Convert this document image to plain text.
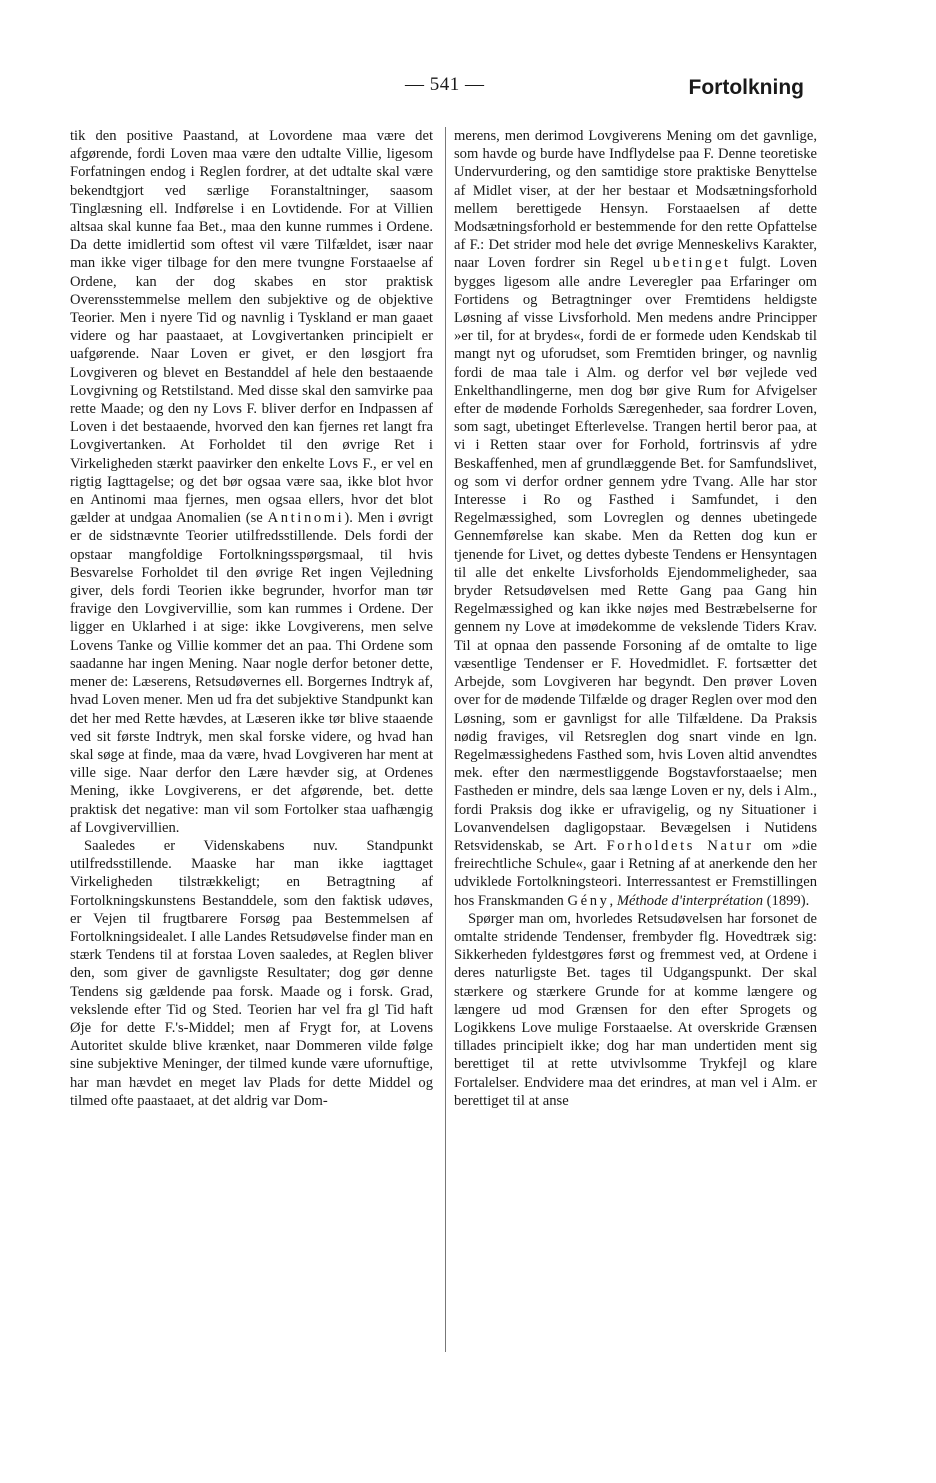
— 541 —	Fortolkning

tik den positive Paastand, at Lovordene maa være det afgørende, fordi Loven maa være den udtalte Villie, ligesom Forfatningen endog i Reglen fordrer, at det udtalte skal være bekendtgjort ved særlige Foranstaltninger, saasom Tinglæsning ell. Indførelse i en Lovtidende. For at Villien altsaa skal kunne faa Bet., maa den kunne rummes i Ordene. Da dette imidlertid som oftest vil være Tilfældet, især naar man ikke viger tilbage for den mere tvungne Forstaaelse af Ordene, kan der dog skabes en stor praktisk Overensstemmelse mellem den subjektive og de objektive Teorier. Men i nyere Tid og navnlig i Tyskland er man gaaet videre og har paastaaet, at Lovgivertanken principielt er uafgørende. Naar Loven er givet, er den løsgjort fra Lovgiveren og blevet en Bestanddel af hele den bestaaende Lovgivning og Retstilstand. Med disse skal den samvirke paa rette Maade; og den ny Lovs F. bliver derfor en Indpassen af Loven i det bestaaende, hvorved den kan fjernes ret langt fra Lovgivertanken. At Forholdet til den øvrige Ret i Virkeligheden stærkt paavirker den enkelte Lovs F., er vel en rigtig Iagttagelse; og det bør ogsaa være saa, ikke blot hvor en Antinomi maa fjernes, men ogsaa ellers, hvor det blot gælder at undgaa Anomalien (se Antinomi). Men i øvrigt er de sidstnævnte Teorier utilfredsstillende. Dels fordi der opstaar mangfoldige Fortolkningsspørgsmaal, til hvis Besvarelse Forholdet til den øvrige Ret ingen Vejledning giver, dels fordi Teorien ikke begrunder, hvorfor man tør fravige den Lovgivervillie, som kan rummes i Ordene. Der ligger en Uklarhed i at sige: ikke Lovgiverens, men selve Lovens Tanke og Villie kommer det an paa. Thi Ordene som saadanne har ingen Mening. Naar nogle derfor betoner dette, mener de: Læserens, Retsudøvernes ell. Borgernes Indtryk af, hvad Loven mener. Men ud fra det subjektive Standpunkt kan det her med Rette hævdes, at Læseren ikke tør blive staaende ved sit første Indtryk, men skal forske videre, og hvad han skal søge at finde, maa da være, hvad Lovgiveren har ment at ville sige. Naar derfor den Lære hævder sig, at Ordenes Mening, ikke Lovgiverens, er det afgørende, bet. dette praktisk det negative: man vil som Fortolker staa uafhængig af Lovgivervillien.

Saaledes er Videnskabens nuv. Standpunkt utilfredsstillende. Maaske har man ikke iagttaget Virkeligheden tilstrækkeligt; en Betragtning af Fortolkningskunstens Bestanddele, som den faktisk udøves, er Vejen til frugtbarere Forsøg paa Bestemmelsen af Fortolkningsidealet. I alle Landes Retsudøvelse finder man en stærk Tendens til at forstaa Loven saaledes, at Reglen bliver den, som giver de gavnligste Resultater; dog gør denne Tendens sig gældende paa forsk. Maade og i forsk. Grad, vekslende efter Tid og Sted. Teorien har vel fra gl Tid haft Øje for dette F.'s-Middel; men af Frygt for, at Lovens Autoritet skulde blive krænket, naar Dommeren vilde følge sine subjektive Meninger, der tilmed kunde være ufornuftige, har man hævdet en meget lav Plads for dette Middel og tilmed ofte paastaaet, at det aldrig var Dom-

merens, men derimod Lovgiverens Mening om det gavnlige, som havde og burde have Indflydelse paa F. Denne teoretiske Undervurdering, og den samtidige store praktiske Benyttelse af Midlet viser, at der her bestaar et Modsætningsforhold mellem berettigede Hensyn. Forstaaelsen af dette Modsætningsforhold er bestemmende for den rette Opfattelse af F.: Det strider mod hele det øvrige Menneskelivs Karakter, naar Loven fordrer sin Regel ubetinget fulgt. Loven bygges ligesom alle andre Leveregler paa Erfaringer om Fortidens og Betragtninger over Fremtidens heldigste Løsning af visse Livsforhold. Men medens andre Principper »er til, for at brydes«, fordi de er formede uden Kendskab til mangt nyt og uforudset, som Fremtiden bringer, og navnlig fordi de maa tale i Alm. og derfor vel bør vejlede ved Enkelthandlingerne, men dog bør give Rum for Afvigelser efter de mødende Forholds Særegenheder, saa fordrer Loven, som sagt, ubetinget Efterlevelse. Trangen hertil beror paa, at vi i Retten staar over for Forhold, fortrinsvis af ydre Beskaffenhed, men af grundlæggende Bet. for Samfundslivet, og som vi derfor ordner gennem ydre Tvang. Alle har stor Interesse i Ro og Fasthed i Samfundet, i den Regelmæssighed, som Lovreglen og dennes ubetingede Gennemførelse kan skabe. Men da Retten dog kun er tjenende for Livet, og dettes dybeste Tendens er Hensyntagen til alle det enkelte Livsforholds Ejendommeligheder, saa bryder Retsudøvelsen med Rette Gang paa Gang hin Regelmæssighed og kan ikke nøjes med Bestræbelserne for gennem ny Love at imødekomme de vekslende Tiders Krav. Til at opnaa den passende Forsoning af de omtalte to lige væsentlige Tendenser er F. Hovedmidlet. F. fortsætter det Arbejde, som Lovgiveren har begyndt. Den prøver Loven over for de mødende Tilfælde og drager Reglen over mod den Løsning, som er gavnligst for alle Tilfældene. Da Praksis nødig fraviges, vil Retsreglen dog snart vinde en lgn. Regelmæssighedens Fasthed som, hvis Loven altid anvendtes mek. efter den nærmestliggende Bogstavforstaaelse; men Fastheden er mindre, dels saa længe Loven er ny, dels i Alm., fordi Praksis dog ikke er ufravigelig, og ny Situationer i Lovanvendelsen dagligopstaar. Bevægelsen i Nutidens Retsvidenskab, se Art. Forholdets Natur om »die freirechtliche Schule«, gaar i Retning af at anerkende den her udviklede Fortolkningsteori. Interressantest er Fremstillingen hos Franskmanden Gény, Méthode d'interprétation (1899).

Spørger man om, hvorledes Retsudøvelsen har forsonet de omtalte stridende Tendenser, frembyder flg. Hovedtræk sig: Sikkerheden fyldestgøres først og fremmest ved, at Ordene i deres naturligste Bet. tages til Udgangspunkt. Der skal stærkere og stærkere Grunde for at komme længere og længere ud mod Grænsen for den efter Sprogets og Logikkens Love mulige Forstaaelse. At overskride Grænsen tillades principielt ikke; dog har man undertiden ment sig berettiget til at rette utvivlsomme Trykfejl og klare Fortalelser. Endvidere maa det erindres, at man vel i Alm. er berettiget til at anse
